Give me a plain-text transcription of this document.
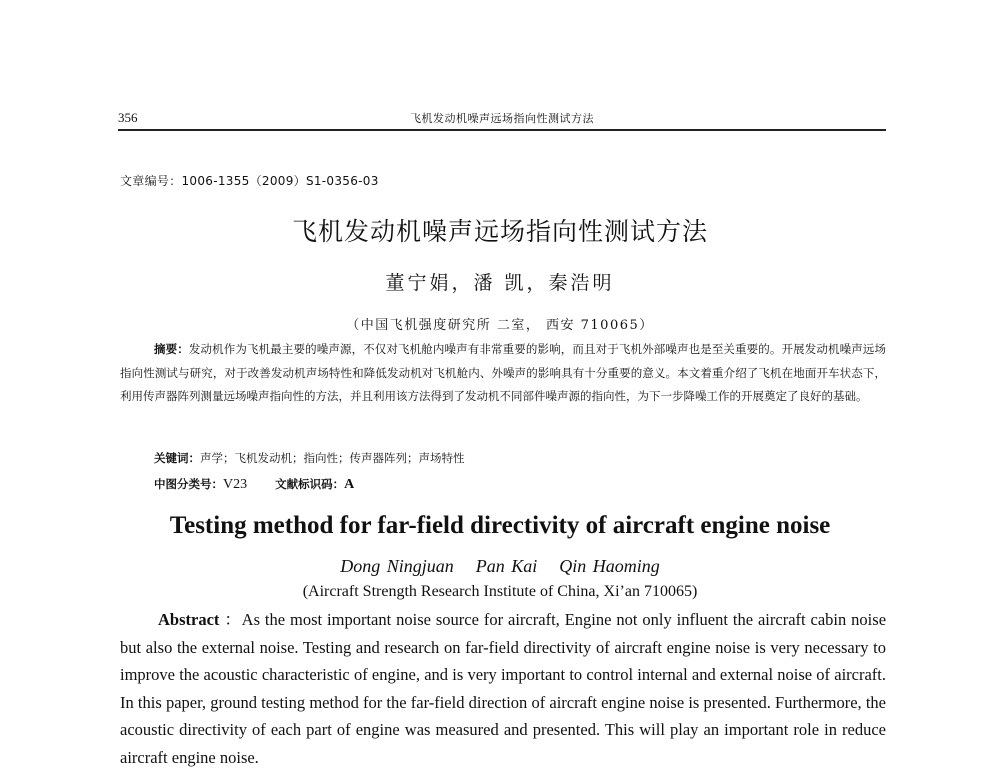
356	飞机发动机噪声远场指向性测试方法
文章编号：1006-1355（2009）S1-0356-03
飞机发动机噪声远场指向性测试方法
董宁娟，潘 凯，秦浩明
（中国飞机强度研究所 二室， 西安 710065）
摘要：发动机作为飞机最主要的噪声源，不仅对飞机舱内噪声有非常重要的影响，而且对于飞机外部噪声也是至关重要的。开展发动机噪声远场指向性测试与研究，对于改善发动机声场特性和降低发动机对飞机舱内、外噪声的影响具有十分重要的意义。本文着重介绍了飞机在地面开车状态下，利用传声器阵列测量远场噪声指向性的方法，并且利用该方法得到了发动机不同部件噪声源的指向性，为下一步降噪工作的开展奠定了良好的基础。
关键词：声学；飞机发动机；指向性；传声器阵列；声场特性
中图分类号：V23 文献标识码：A
Testing method for far-field directivity of aircraft engine noise
Dong Ningjuan Pan Kai Qin Haoming
(Aircraft Strength Research Institute of China, Xi’an 710065)
Abstract ：As the most important noise source for aircraft, Engine not only influent the aircraft cabin noise but also the external noise. Testing and research on far-field directivity of aircraft engine noise is very necessary to improve the acoustic characteristic of engine, and is very important to control internal and external noise of aircraft. In this paper, ground testing method for the far-field direction of aircraft engine noise is presented. Furthermore, the acoustic directivity of each part of engine was measured and presented. This will play an important role in reduce aircraft engine noise.
